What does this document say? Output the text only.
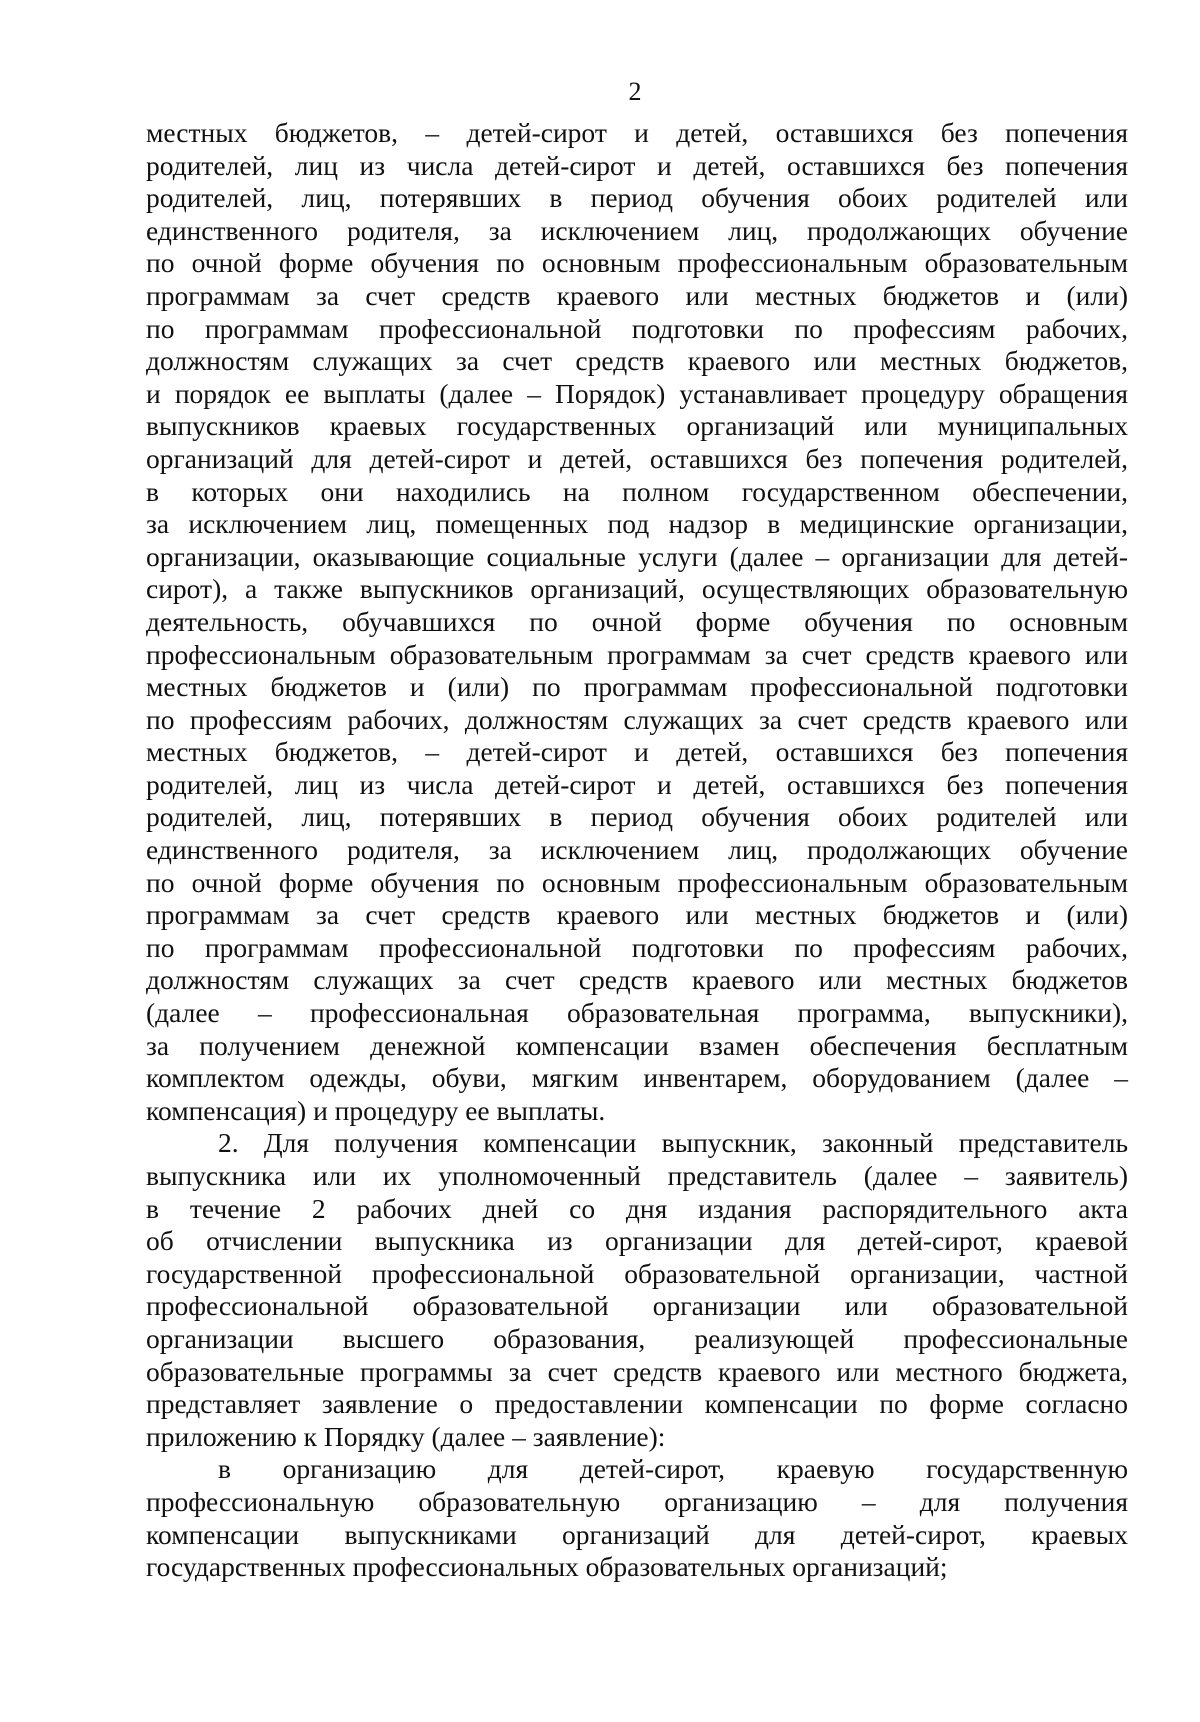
2
местных бюджетов, – детей-сирот и детей, оставшихся без попечения
родителей, лиц из числа детей-сирот и детей, оставшихся без попечения
родителей, лиц, потерявших в период обучения обоих родителей или
единственного родителя, за исключением лиц, продолжающих обучение
по очной форме обучения по основным профессиональным образовательным
программам за счет средств краевого или местных бюджетов и (или)
по программам профессиональной подготовки по профессиям рабочих,
должностям служащих за счет средств краевого или местных бюджетов,
и порядок ее выплаты (далее – Порядок) устанавливает процедуру обращения
выпускников краевых государственных организаций или муниципальных
организаций для детей-сирот и детей, оставшихся без попечения родителей,
в которых они находились на полном государственном обеспечении,
за исключением лиц, помещенных под надзор в медицинские организации,
организации, оказывающие социальные услуги (далее – организации для детей-
сирот), а также выпускников организаций, осуществляющих образовательную
деятельность, обучавшихся по очной форме обучения по основным
профессиональным образовательным программам за счет средств краевого или
местных бюджетов и (или) по программам профессиональной подготовки
по профессиям рабочих, должностям служащих за счет средств краевого или
местных бюджетов, – детей-сирот и детей, оставшихся без попечения
родителей, лиц из числа детей-сирот и детей, оставшихся без попечения
родителей, лиц, потерявших в период обучения обоих родителей или
единственного родителя, за исключением лиц, продолжающих обучение
по очной форме обучения по основным профессиональным образовательным
программам за счет средств краевого или местных бюджетов и (или)
по программам профессиональной подготовки по профессиям рабочих,
должностям служащих за счет средств краевого или местных бюджетов
(далее – профессиональная образовательная программа, выпускники),
за получением денежной компенсации взамен обеспечения бесплатным
комплектом одежды, обуви, мягким инвентарем, оборудованием (далее –
компенсация) и процедуру ее выплаты.
2. Для получения компенсации выпускник, законный представитель
выпускника или их уполномоченный представитель (далее – заявитель)
в течение 2 рабочих дней со дня издания распорядительного акта
об отчислении выпускника из организации для детей-сирот, краевой
государственной профессиональной образовательной организации, частной
профессиональной образовательной организации или образовательной
организации высшего образования, реализующей профессиональные
образовательные программы за счет средств краевого или местного бюджета,
представляет заявление о предоставлении компенсации по форме согласно
приложению к Порядку (далее – заявление):
в организацию для детей-сирот, краевую государственную
профессиональную образовательную организацию – для получения
компенсации выпускниками организаций для детей-сирот, краевых
государственных профессиональных образовательных организаций;
